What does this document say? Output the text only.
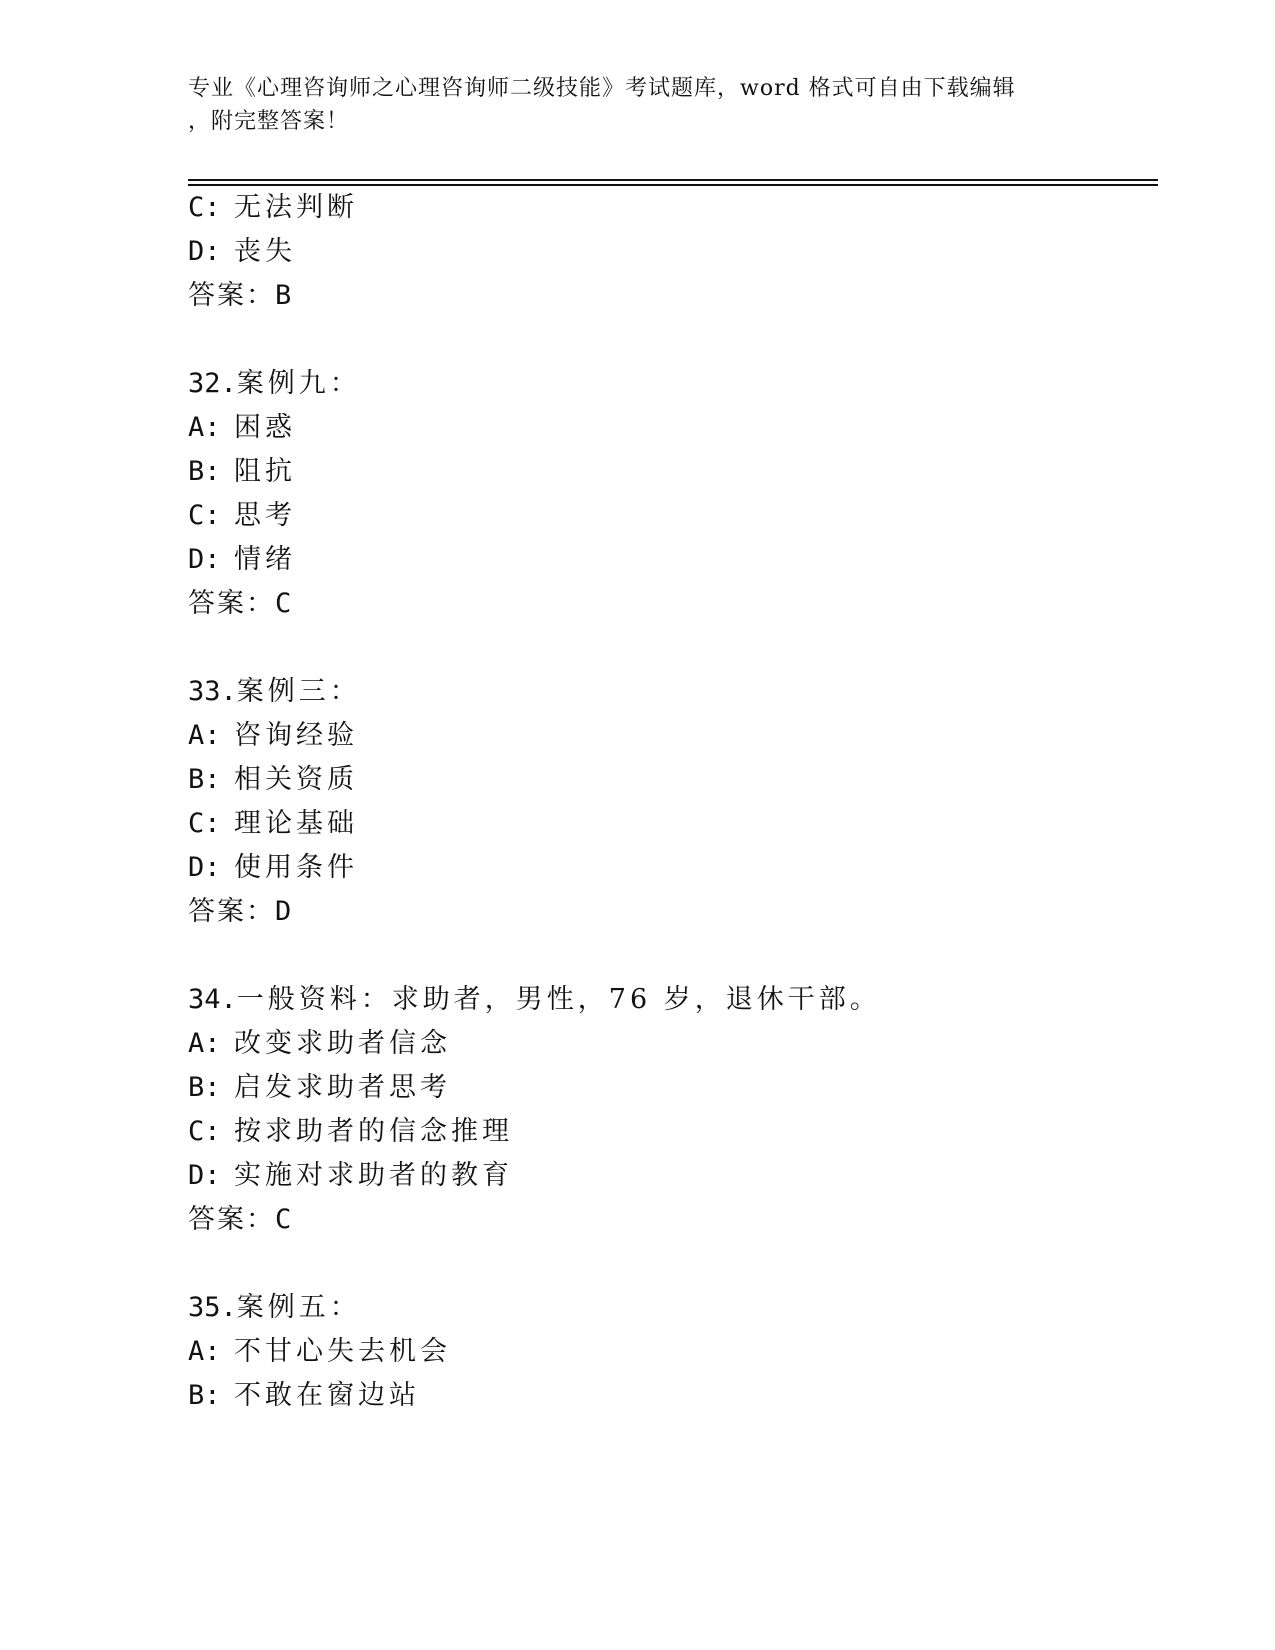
专业《心理咨询师之心理咨询师二级技能》考试题库，word 格式可自由下载编辑
，附完整答案！
C: 无法判断
D: 丧失
答案：B
32.案例九：
A: 困惑
B: 阻抗
C: 思考
D: 情绪
答案：C
33.案例三：
A: 咨询经验
B: 相关资质
C: 理论基础
D: 使用条件
答案：D
34.一般资料：求助者，男性，76 岁，退休干部。
A: 改变求助者信念
B: 启发求助者思考
C: 按求助者的信念推理
D: 实施对求助者的教育
答案：C
35.案例五：
A: 不甘心失去机会
B: 不敢在窗边站
